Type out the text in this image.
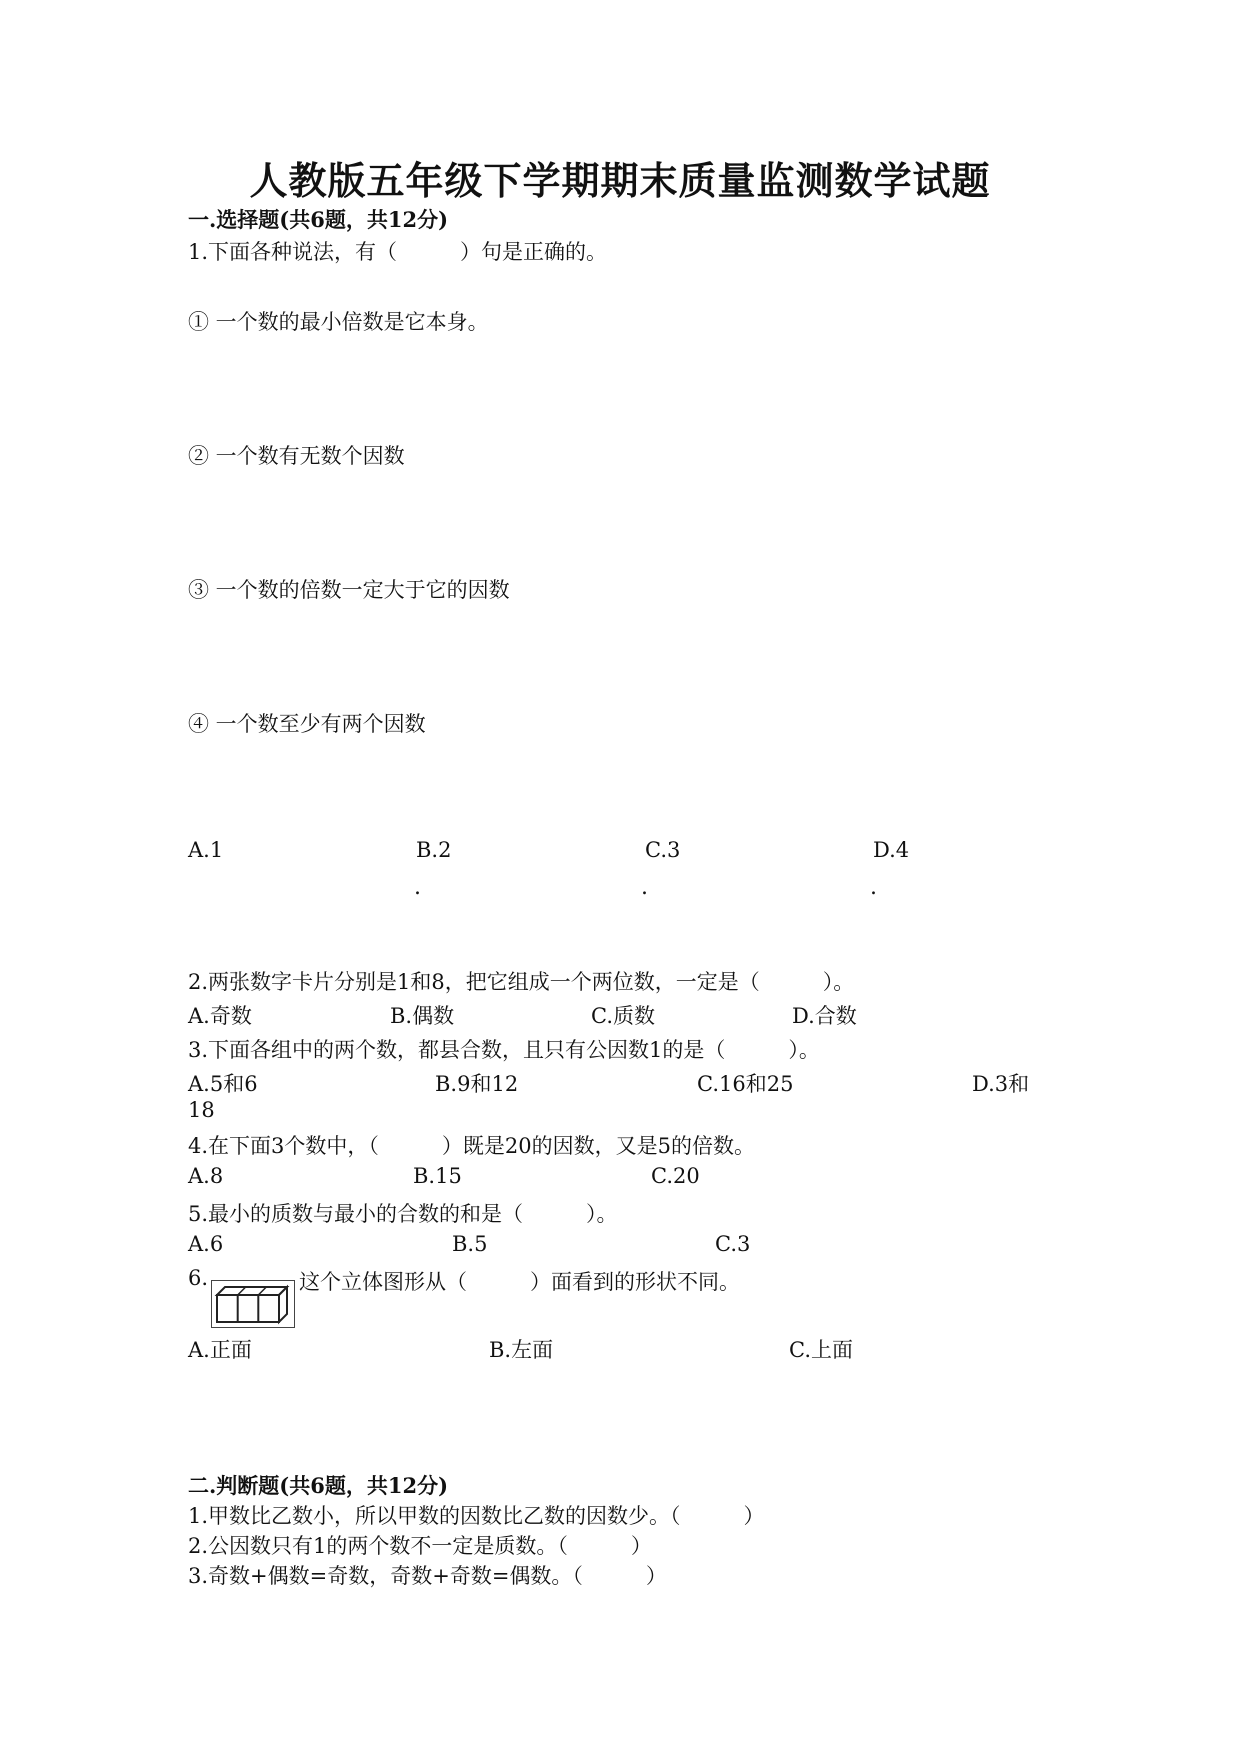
人教版五年级下学期期末质量监测数学试题
一.选择题(共6题，共12分)
1.下面各种说法，有（　　　）句是正确的。
① 一个数的最小倍数是它本身。
② 一个数有无数个因数
③ 一个数的倍数一定大于它的因数
④ 一个数至少有两个因数
A.1	B.2	C.3	D.4
.	.	.
2.两张数字卡片分别是1和8，把它组成一个两位数，一定是（　　　）。
A.奇数	B.偶数	C.质数	D.合数
3.下面各组中的两个数，都县合数，且只有公因数1的是（　　　）。
A.5和6	B.9和12	C.16和25	D.3和
18
4.在下面3个数中，（　　　）既是20的因数，又是5的倍数。
A.8	B.15	C.20
5.最小的质数与最小的合数的和是（　　　）。
A.6	B.5	C.3
6.	这个立体图形从（　　　）面看到的形状不同。
A.正面	B.左面	C.上面
二.判断题(共6题，共12分)
1.甲数比乙数小，所以甲数的因数比乙数的因数少。（　　　）
2.公因数只有1的两个数不一定是质数。（　　　）
3.奇数+偶数=奇数，奇数+奇数=偶数。（　　　）
